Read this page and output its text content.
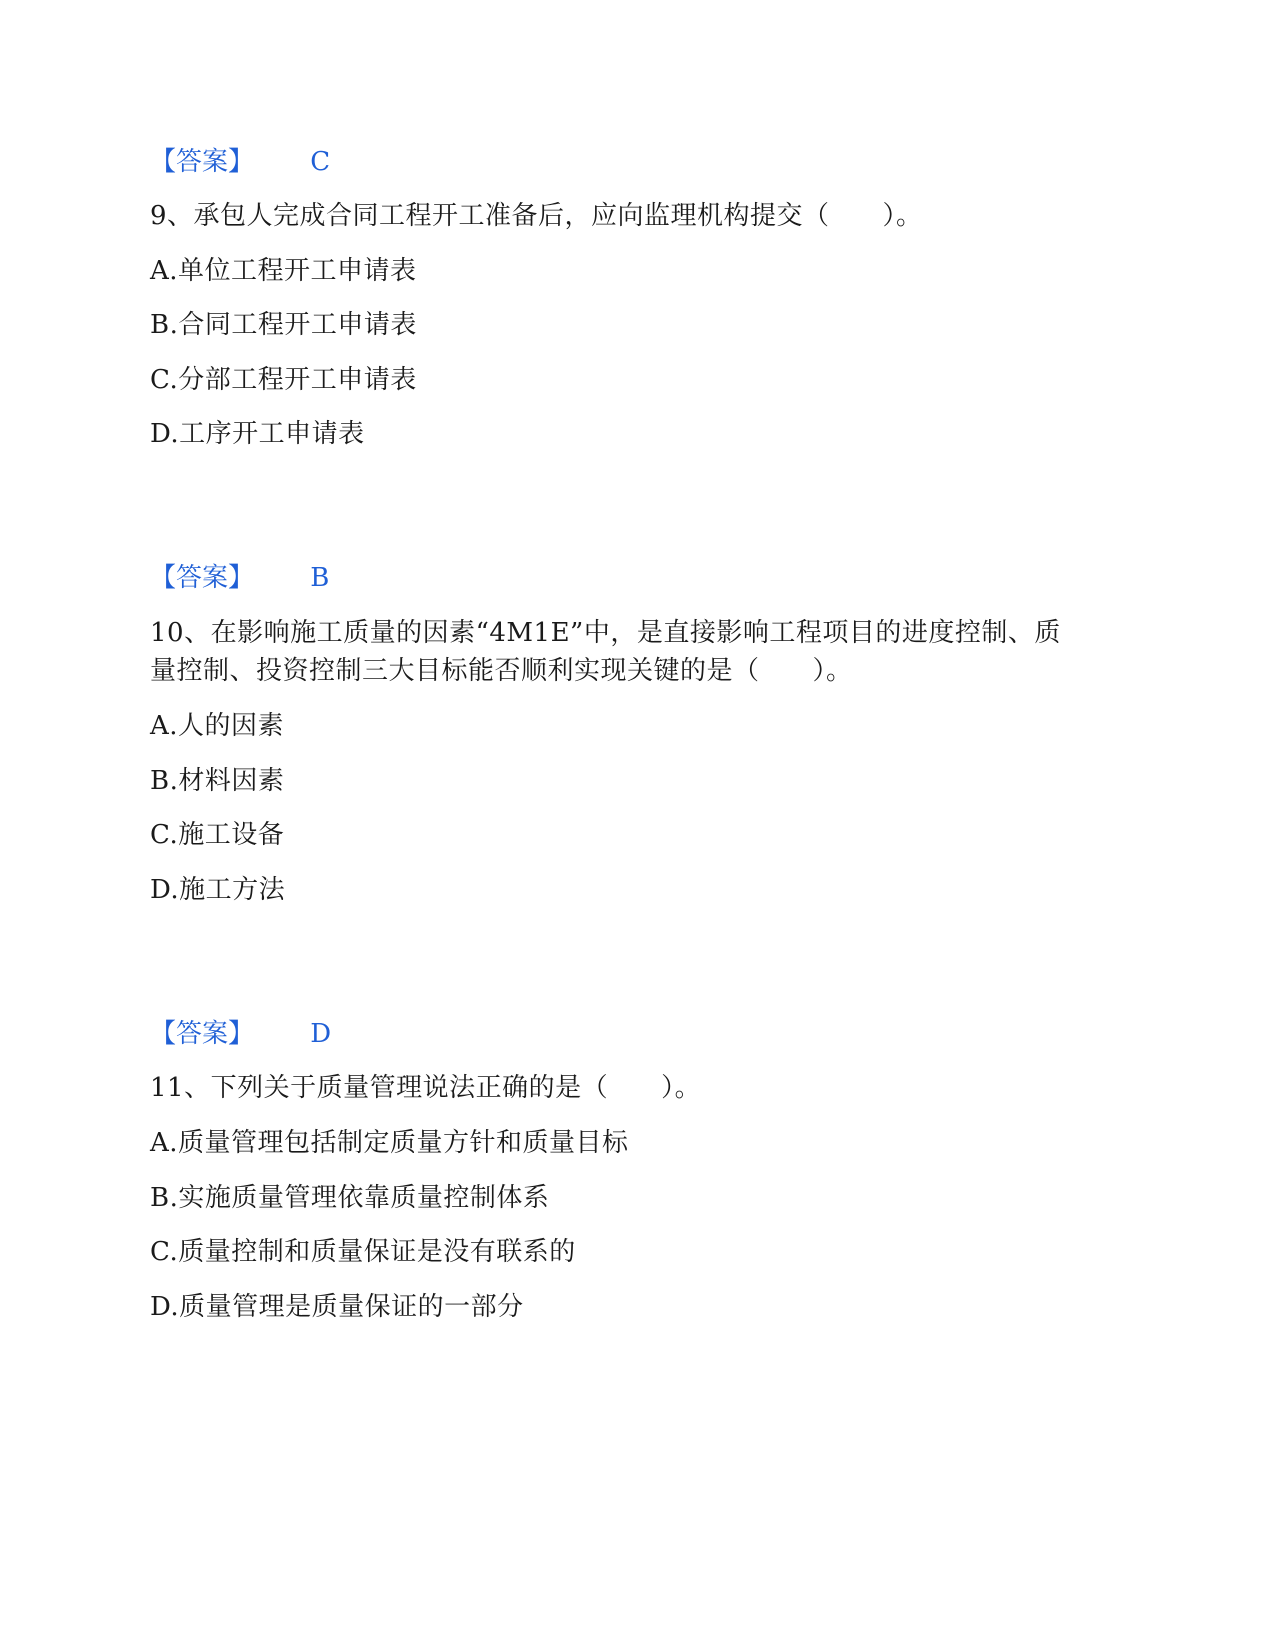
【答案】 C
9、承包人完成合同工程开工准备后，应向监理机构提交（　　）。
A.单位工程开工申请表
B.合同工程开工申请表
C.分部工程开工申请表
D.工序开工申请表
【答案】 B
10、在影响施工质量的因素“4M1E”中，是直接影响工程项目的进度控制、质
量控制、投资控制三大目标能否顺利实现关键的是（　　）。
A.人的因素
B.材料因素
C.施工设备
D.施工方法
【答案】 D
11、下列关于质量管理说法正确的是（　　）。
A.质量管理包括制定质量方针和质量目标
B.实施质量管理依靠质量控制体系
C.质量控制和质量保证是没有联系的
D.质量管理是质量保证的一部分
